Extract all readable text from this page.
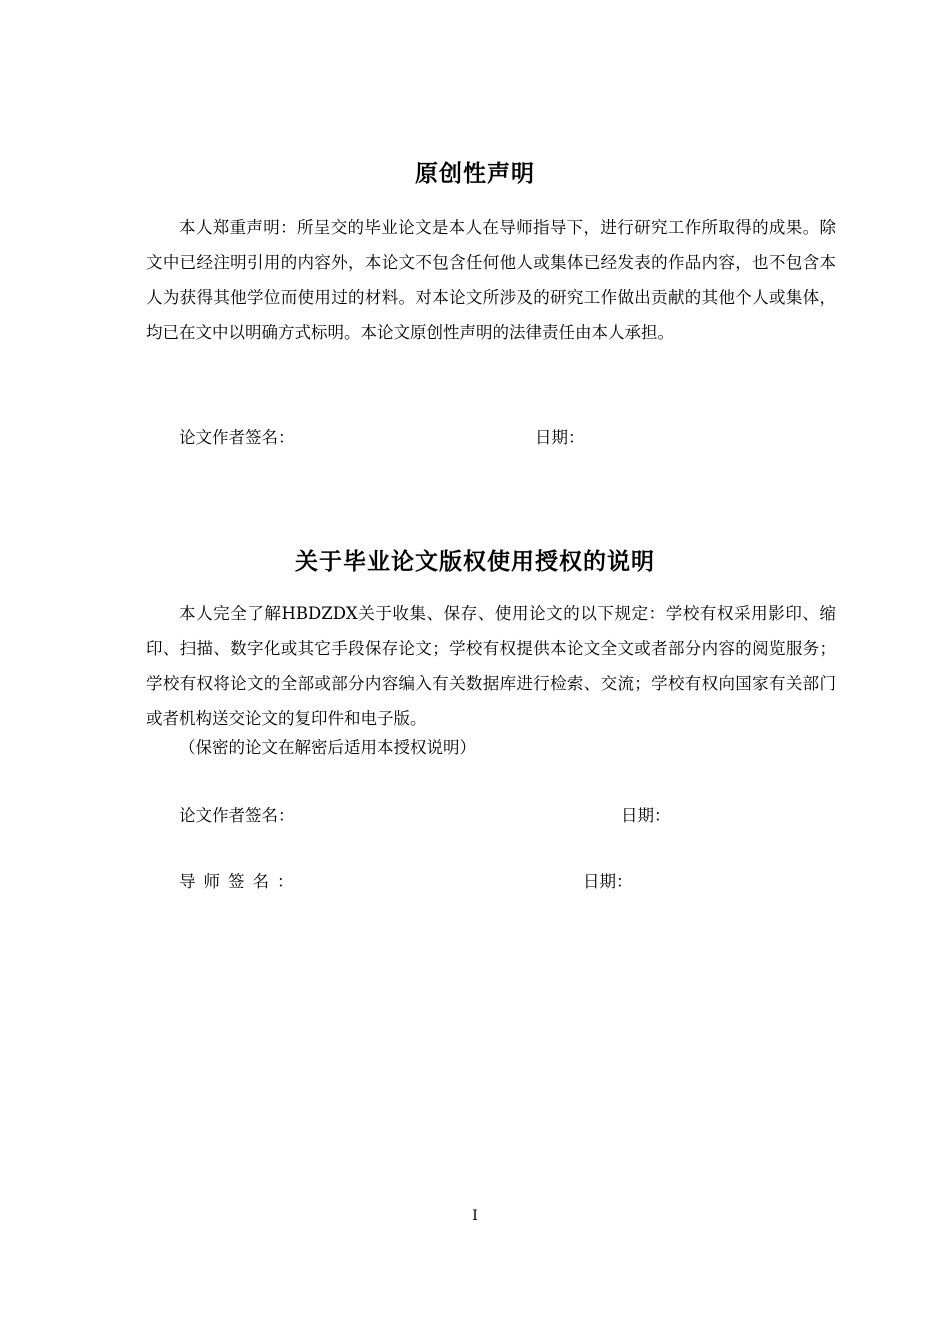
原创性声明

本人郑重声明：所呈交的毕业论文是本人在导师指导下，进行研究工作所取得的成果。除文中已经注明引用的内容外，本论文不包含任何他人或集体已经发表的作品内容，也不包含本人为获得其他学位而使用过的材料。对本论文所涉及的研究工作做出贡献的其他个人或集体，均已在文中以明确方式标明。本论文原创性声明的法律责任由本人承担。

论文作者签名：	日期：

关于毕业论文版权使用授权的说明

本人完全了解HBDZDX关于收集、保存、使用论文的以下规定：学校有权采用影印、缩印、扫描、数字化或其它手段保存论文；学校有权提供本论文全文或者部分内容的阅览服务；学校有权将论文的全部或部分内容编入有关数据库进行检索、交流；学校有权向国家有关部门或者机构送交论文的复印件和电子版。

（保密的论文在解密后适用本授权说明）

论文作者签名：	日期：

导师签名：	日期：

I
